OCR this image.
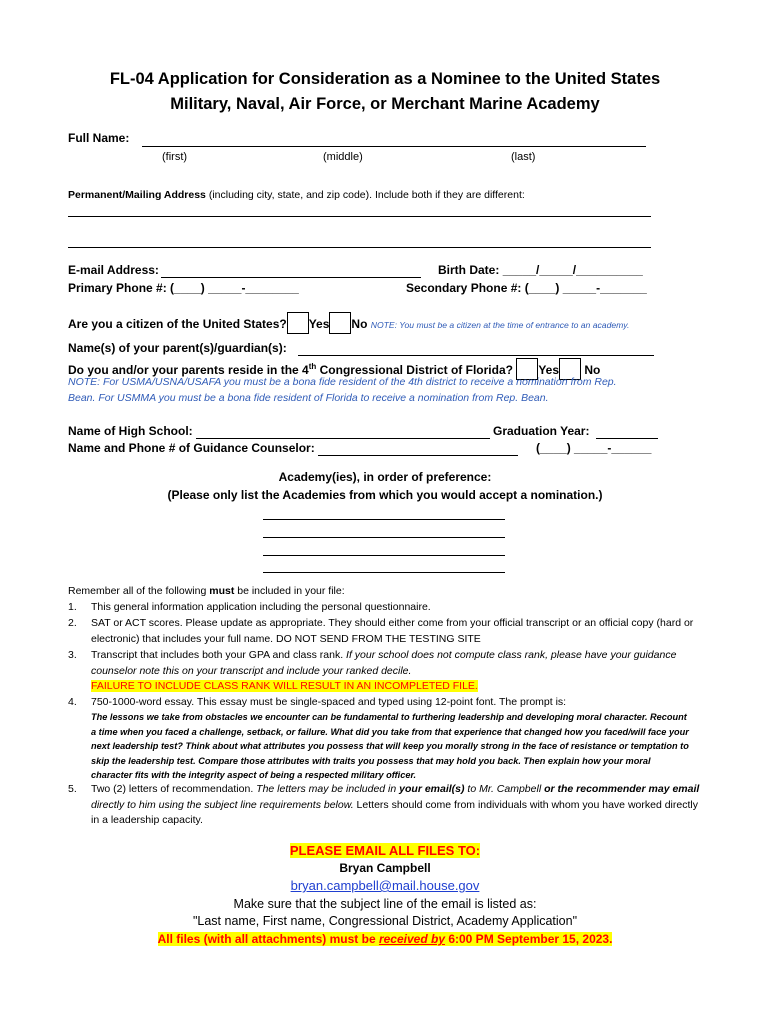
FL-04 Application for Consideration as a Nominee to the United States
Military, Naval, Air Force, or Merchant Marine Academy
Full Name:
(first)	(middle)	(last)
Permanent/Mailing Address (including city, state, and zip code). Include both if they are different:
E-mail Address:	Birth Date: _____/_____/__________
Primary Phone #: (____) _____-________	Secondary Phone #: (____) _____-_______
Are you a citizen of the United States? Yes No NOTE: You must be a citizen at the time of entrance to an academy.
Name(s) of your parent(s)/guardian(s):
Do you and/or your parents reside in the 4th Congressional District of Florida? Yes No
NOTE: For USMA/USNA/USAFA you must be a bona fide resident of the 4th district to receive a nomination from Rep.
Bean. For USMMA you must be a bona fide resident of Florida to receive a nomination from Rep. Bean.
Name of High School:	Graduation Year:
Name and Phone # of Guidance Counselor:	(____) _____-______
Academy(ies), in order of preference:
(Please only list the Academies from which you would accept a nomination.)
Remember all of the following must be included in your file:
1. This general information application including the personal questionnaire.
2. SAT or ACT scores. Please update as appropriate. They should either come from your official transcript or an official copy (hard or electronic) that includes your full name. DO NOT SEND FROM THE TESTING SITE
3. Transcript that includes both your GPA and class rank. If your school does not compute class rank, please have your guidance counselor note this on your transcript and include your ranked decile.
FAILURE TO INCLUDE CLASS RANK WILL RESULT IN AN INCOMPLETED FILE.
4. 750-1000-word essay. This essay must be single-spaced and typed using 12-point font. The prompt is:
The lessons we take from obstacles we encounter can be fundamental to furthering leadership and developing moral character. Recount a time when you faced a challenge, setback, or failure. What did you take from that experience that changed how you faced/will face your next leadership test? Think about what attributes you possess that will keep you morally strong in the face of resistance or temptation to skip the leadership test. Compare those attributes with traits you possess that may hold you back. Then explain how your moral character fits with the integrity aspect of being a respected military officer.
5. Two (2) letters of recommendation. The letters may be included in your email(s) to Mr. Campbell or the recommender may email directly to him using the subject line requirements below. Letters should come from individuals with whom you have worked directly in a leadership capacity.
PLEASE EMAIL ALL FILES TO:
Bryan Campbell
bryan.campbell@mail.house.gov
Make sure that the subject line of the email is listed as:
"Last name, First name, Congressional District, Academy Application"
All files (with all attachments) must be received by 6:00 PM September 15, 2023.
